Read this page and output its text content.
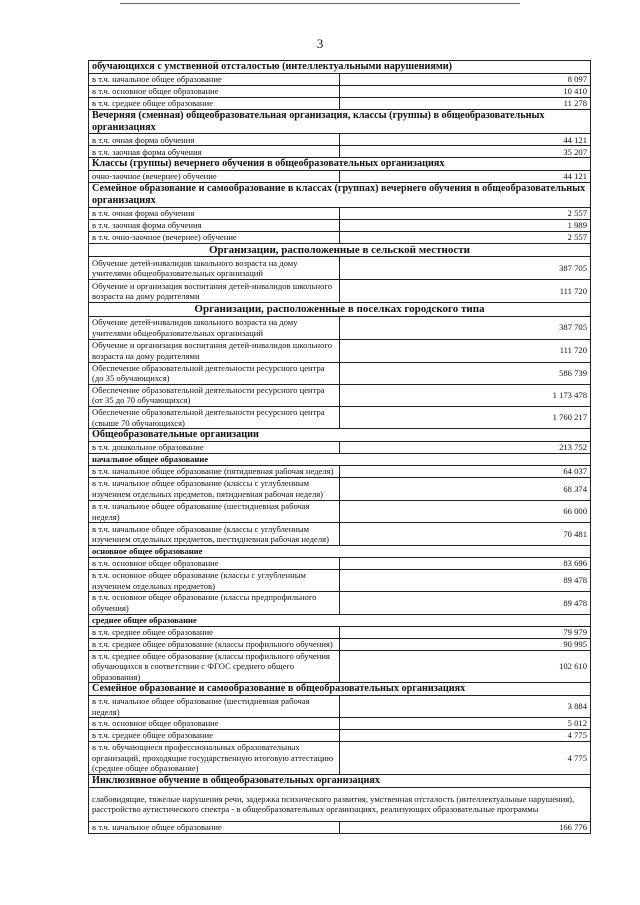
3
обучающихся с умственной отсталостью (интеллектуальными нарушениями)	
в т.ч. начальное общее образование	8 097
в т.ч. основное общее образование	10 410
в т.ч. среднее общее образование	11 278
Вечерняя (сменная) общеобразовательная организация, классы (группы) в общеобразовательных организациях	
в т.ч. очная форма обучения	44 121
в т.ч. заочная форма обучения	35 207
Классы (группы) вечернего обучения в общеобразовательных организациях	
очно-заочное (вечернее) обучение	44 121
Семейное образование и самообразование в классах (группах) вечернего обучения в общеобразовательных организациях	
в т.ч. очная форма обучения	2 557
в т.ч. заочная форма обучения	1 989
в т.ч. очно-заочное (вечернее) обучение	2 557
Организации, расположенные в сельской местности	
Обучение детей-инвалидов школьного возраста на дому учителями общеобразовательных организаций	387 705
Обучение и организация воспитания детей-инвалидов школьного возраста на дому родителями	111 720
Организации, расположенные в поселках городского типа	
Обучение детей-инвалидов школьного возраста на дому учителями общеобразовательных организаций	387 705
Обучение и организация воспитания детей-инвалидов школьного возраста на дому родителями	111 720
Обеспечение образовательной деятельности ресурсного центра (до 35 обучающихся)	586 739
Обеспечение образовательной деятельности ресурсного центра (от 35 до 70 обучающихся)	1 173 478
Обеспечение образовательной деятельности ресурсного центра (свыше 70 обучающихся)	1 760 217
Общеобразовательные организации	
в т.ч. дошкольное образование	213 752
начальное общее образование	
в т.ч. начальное общее образование (пятидневная рабочая неделя)	64 037
в т.ч. начальное общее образование (классы с углубленным изучением отдельных предметов, пятидневная рабочая неделя)	68 374
в т.ч. начальное общее образование (шестидневная рабочая неделя)	66 000
в т.ч. начальное общее образование (классы с углубленным изучением отдельных предметов, шестидневная рабочая неделя)	70 481
основное общее образование	
в т.ч. основное общее образование	83 696
в т.ч. основное общее образование (классы с углубленным изучением отдельных предметов)	89 478
в т.ч. основное общее образование (классы предпрофильного обучения)	89 478
среднее общее образование	
в т.ч. среднее общее образование	79 979
в т.ч. среднее общее образование (классы профильного обучения)	90 995
в т.ч. среднее общее образование (классы профильного обучения обучающихся в соответствии с ФГОС среднего общего образования)	102 610
Семейное образование и самообразование в общеобразовательных организациях	
в т.ч. начальное общее образование (шестидневная рабочая неделя)	3 884
в т.ч. основное общее образование	5 012
в т.ч. среднее общее образование	4 775
в т.ч. обучающиеся профессиональных образовательных организаций, проходящие государственную итоговую аттестацию (среднее общее образование)	4 775
Инклюзивное обучение в общеобразовательных организациях	
слабовидящие, тяжелые нарушения речи, задержка психического развития, умственная отсталость (интеллектуальные нарушения), расстройство аутистического спектра - в общеобразовательных организациях, реализующих образовательные программы	
в т.ч. начальное общее образование	166 776
